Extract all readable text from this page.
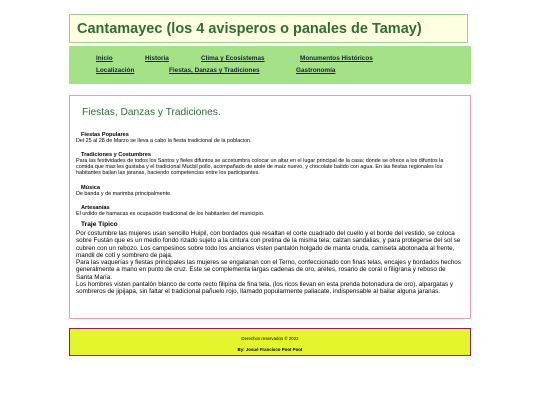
Cantamayec (los 4 avisperos o panales de Tamay)
Inicio	Historia	Clima y Ecosistemas	Monumentos Históricos
Localización	Fiestas, Danzas y Tradiciones	Gastronomía
Fiestas, Danzas y Tradiciones.
Fiestas Populares
Del 25 al 28 de Marzo se lleva a cabo la fiesta tradicional de la poblacion.
Tradiciones y Costumbres
Para las festividades de todos los Santos y fieles difuntos se acostumbra colocar un altar en el lugar principal de la casa; donde se ofrece a los difuntos la comida que mas les gustaba y el tradicional Mucbil pollo, acompañado de atole de maíz nuevo, y chocolate batido con agua. En las fiestas regionales los habitantes bailan las jaranas, haciendo competencias entre los participantes.
Música
De banda y de marimba principalmente.
Artesanías
El urdido de hamacas es ocupación tradicional de los habitantes del municipio.
Traje Típico

Por costumbre las mujeres usan sencillo Huipil, con bordados que resaltan el corte cuadrado del cuello y el borde del vestido, se coloca sobre Fustán que es un medio fondo rizado sujeto a la cintura con pretina de la misma tela; calzan sandalias, y para protegerse del sol se cubren con un rebozo. Los campesinos sobre todo los ancianos visten pantalón holgado de manta cruda, camiseta abotonada al frente, mandil de cotí y sombrero de paja.

Para las vaquerías y fiestas principales las mujeres se engalanan con el Terno, confeccionado con finas telas, encajes y bordados hechos generalmente a mano en punto de cruz. Este se complementa largas cadenas de oro, aretes, rosario de coral o filigrana y reboso de Santa María.

Los hombres visten pantalón blanco de corte recto filipina de fina tela, (los ricos llevan en esta prenda botonadura de oro), alpargatas y sombreros de jipijapa, sin faltar el tradicional pañuelo rojo, llamado popularmente paliacate, indispensable al bailar alguna jaranas.

Derechos reservados © 2022
By: Josué Francisco Poot Poot
